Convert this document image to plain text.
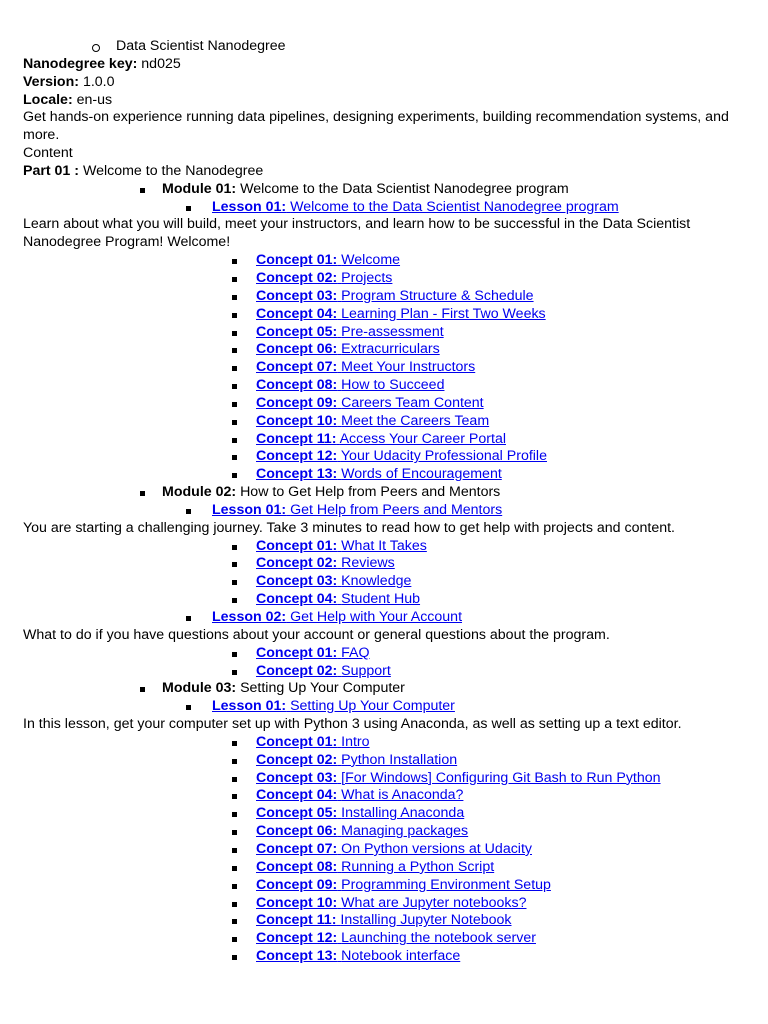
Data Scientist Nanodegree
Nanodegree key: nd025
Version: 1.0.0
Locale: en-us
Get hands-on experience running data pipelines, designing experiments, building recommendation systems, and more.
Content
Part 01 : Welcome to the Nanodegree
Module 01: Welcome to the Data Scientist Nanodegree program
Lesson 01: Welcome to the Data Scientist Nanodegree program
Learn about what you will build, meet your instructors, and learn how to be successful in the Data Scientist Nanodegree Program! Welcome!
Concept 01: Welcome
Concept 02: Projects
Concept 03: Program Structure & Schedule
Concept 04: Learning Plan - First Two Weeks
Concept 05: Pre-assessment
Concept 06: Extracurriculars
Concept 07: Meet Your Instructors
Concept 08: How to Succeed
Concept 09: Careers Team Content
Concept 10: Meet the Careers Team
Concept 11: Access Your Career Portal
Concept 12: Your Udacity Professional Profile
Concept 13: Words of Encouragement
Module 02: How to Get Help from Peers and Mentors
Lesson 01: Get Help from Peers and Mentors
You are starting a challenging journey. Take 3 minutes to read how to get help with projects and content.
Concept 01: What It Takes
Concept 02: Reviews
Concept 03: Knowledge
Concept 04: Student Hub
Lesson 02: Get Help with Your Account
What to do if you have questions about your account or general questions about the program.
Concept 01: FAQ
Concept 02: Support
Module 03: Setting Up Your Computer
Lesson 01: Setting Up Your Computer
In this lesson, get your computer set up with Python 3 using Anaconda, as well as setting up a text editor.
Concept 01: Intro
Concept 02: Python Installation
Concept 03: [For Windows] Configuring Git Bash to Run Python
Concept 04: What is Anaconda?
Concept 05: Installing Anaconda
Concept 06: Managing packages
Concept 07: On Python versions at Udacity
Concept 08: Running a Python Script
Concept 09: Programming Environment Setup
Concept 10: What are Jupyter notebooks?
Concept 11: Installing Jupyter Notebook
Concept 12: Launching the notebook server
Concept 13: Notebook interface
